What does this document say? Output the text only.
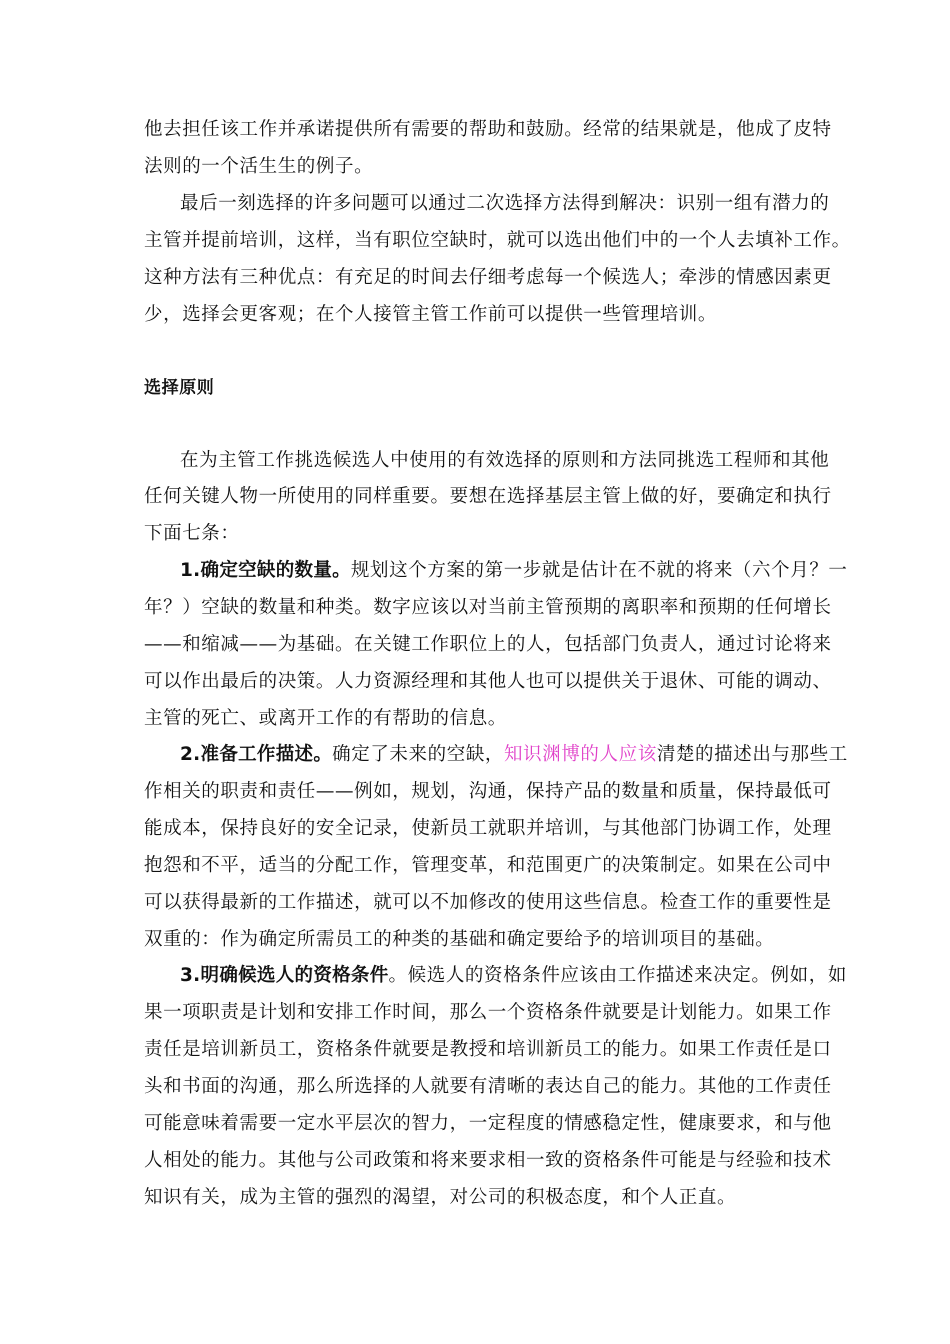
他去担任该工作并承诺提供所有需要的帮助和鼓励。经常的结果就是，他成了皮特
法则的一个活生生的例子。
最后一刻选择的许多问题可以通过二次选择方法得到解决：识别一组有潜力的
主管并提前培训，这样，当有职位空缺时，就可以选出他们中的一个人去填补工作。
这种方法有三种优点：有充足的时间去仔细考虑每一个候选人；牵涉的情感因素更
少，选择会更客观；在个人接管主管工作前可以提供一些管理培训。
选择原则
在为主管工作挑选候选人中使用的有效选择的原则和方法同挑选工程师和其他
任何关键人物一所使用的同样重要。要想在选择基层主管上做的好，要确定和执行
下面七条：
1.确定空缺的数量。规划这个方案的第一步就是估计在不就的将来（六个月？一
年？）空缺的数量和种类。数字应该以对当前主管预期的离职率和预期的任何增长
——和缩减——为基础。在关键工作职位上的人，包括部门负责人，通过讨论将来
可以作出最后的决策。人力资源经理和其他人也可以提供关于退休、可能的调动、
主管的死亡、或离开工作的有帮助的信息。
2.准备工作描述。确定了未来的空缺，知识渊博的人应该清楚的描述出与那些工
作相关的职责和责任——例如，规划，沟通，保持产品的数量和质量，保持最低可
能成本，保持良好的安全记录，使新员工就职并培训，与其他部门协调工作，处理
抱怨和不平，适当的分配工作，管理变革，和范围更广的决策制定。如果在公司中
可以获得最新的工作描述，就可以不加修改的使用这些信息。检查工作的重要性是
双重的：作为确定所需员工的种类的基础和确定要给予的培训项目的基础。
3.明确候选人的资格条件。候选人的资格条件应该由工作描述来决定。例如，如
果一项职责是计划和安排工作时间，那么一个资格条件就要是计划能力。如果工作
责任是培训新员工，资格条件就要是教授和培训新员工的能力。如果工作责任是口
头和书面的沟通，那么所选择的人就要有清晰的表达自己的能力。其他的工作责任
可能意味着需要一定水平层次的智力，一定程度的情感稳定性，健康要求，和与他
人相处的能力。其他与公司政策和将来要求相一致的资格条件可能是与经验和技术
知识有关，成为主管的强烈的渴望，对公司的积极态度，和个人正直。
